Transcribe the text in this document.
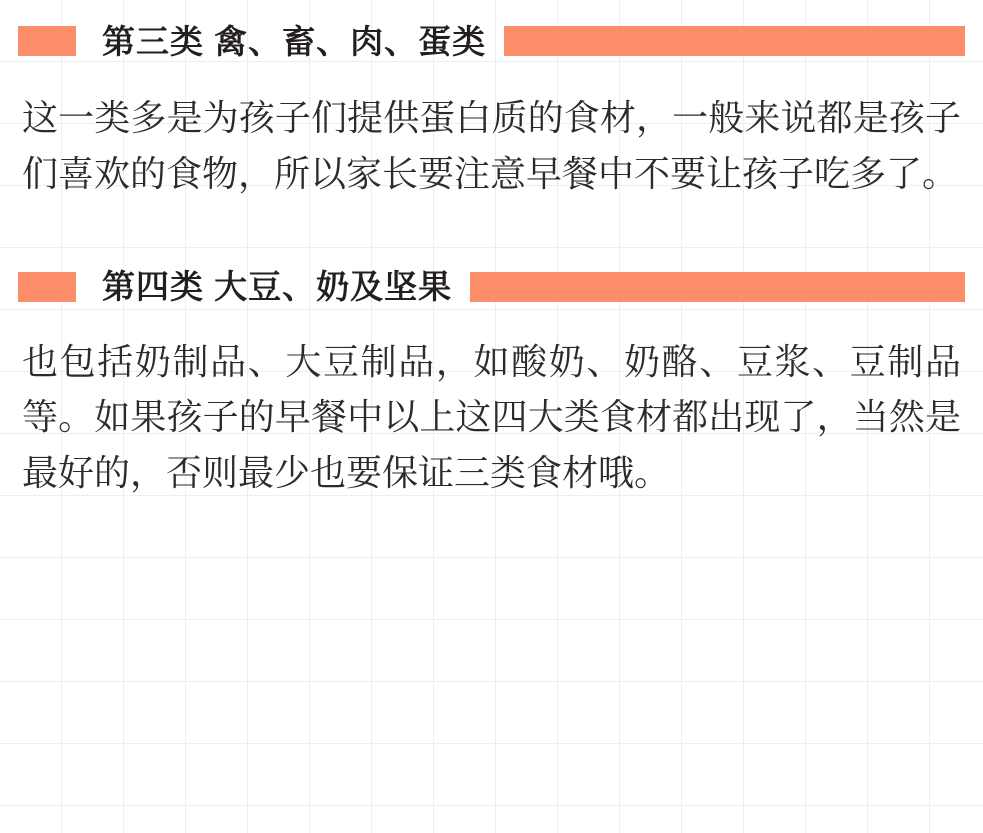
第三类 禽、畜、肉、蛋类

这一类多是为孩子们提供蛋白质的食材，一般来说都是孩子们喜欢的食物，所以家长要注意早餐中不要让孩子吃多了。

第四类 大豆、奶及坚果

也包括奶制品、大豆制品，如酸奶、奶酪、豆浆、豆制品等。如果孩子的早餐中以上这四大类食材都出现了，当然是最好的，否则最少也要保证三类食材哦。
